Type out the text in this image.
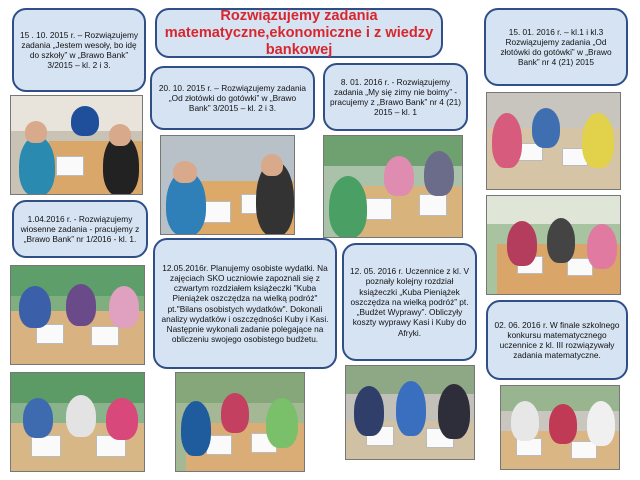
Rozwiązujemy zadania matematyczne,ekonomiczne i z wiedzy bankowej
15 . 10. 2015 r. – Rozwiązujemy zadania „Jestem wesoły, bo idę do szkoły” w „Brawo Bank” 3/2015 – kl. 2 i 3.
20. 10. 2015 r. – Rozwiązujemy zadania „Od złotówki do gotówki” w „Brawo Bank” 3/2015 – kl. 2 i 3.
8. 01. 2016 r. - Rozwiązujemy zadania „My się zimy nie boimy” - pracujemy z „Brawo Bank” nr 4 (21) 2015 – kl. 1
15. 01. 2016 r. – kl.1 i kl.3 Rozwiązujemy zadania „Od złotówki do gotówki” w „Brawo Bank” nr 4 (21) 2015
1.04.2016 r. - Rozwiązujemy wiosenne zadania - pracujemy z „Brawo Bank” nr 1/2016 - kl. 1.
12.05.2016r. Planujemy osobiste wydatki. Na zajęciach SKO uczniowie zapoznali się z czwartym rozdziałem książeczki "Kuba Pieniążek oszczędza na wielką podróż" pt."Bilans osobistych wydatków". Dokonali analizy wydatków i oszczędności Kuby i Kasi. Następnie wykonali zadanie polegające na obliczeniu swojego osobistego budżetu.
12. 05. 2016 r. Uczennice z kl. V poznały kolejny rozdział książeczki „Kuba Pieniążek oszczędza na wielką podróż” pt. „Budżet Wyprawy”. Obliczyły koszty wyprawy Kasi i Kuby do Afryki.
02. 06. 2016 r. W finale szkolnego konkursu matematycznego uczennice z kl. III rozwiązywały zadania matematyczne.
